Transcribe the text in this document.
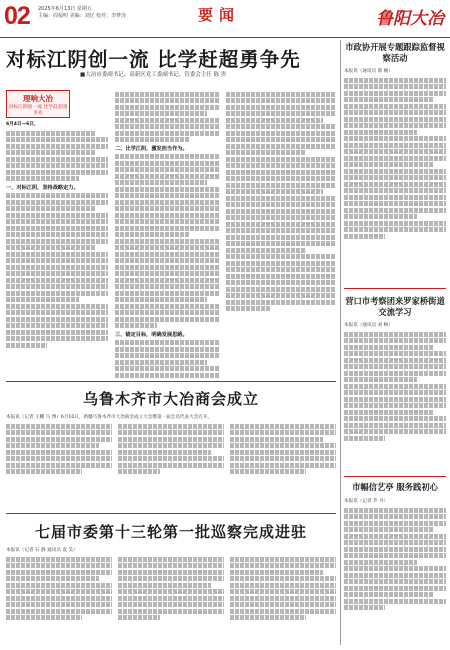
02 2025年6月13日 星期五
主编：周福明 美编：刘忆 校对：李梦泽	要闻	鲁阳大冶
对标江阴创一流 比学赶超勇争先
■大冶市委副书记、高新区党工委副书记、管委会主任 陈 贵
理响大冶
对标江阴创一流 比学赶超勇争先
6月4日—6日，
一、对标江阴，坚持战略定力。
二、比学江阴，激发担当作为。
三、锚定目标，明确发展思路。
乌鲁木齐市大冶商会成立
本报讯（记者 王鹏 马 博）6月10日，新疆乌鲁木齐市大冶商会成立大会暨第一届会员代表大会召开。
七届市委第十三轮第一批巡察完成进驻
本报讯（记者 石 静 通讯员 袁 昊）
市政协开展专题跟踪监督视察活动
本报讯（通讯员 蔡 楠）
营口市考察团来罗家桥街道交流学习
本报讯（通讯员 刘 畅）
市幅信艺亭 服务践初心
本报讯（记者 乔 丹）
